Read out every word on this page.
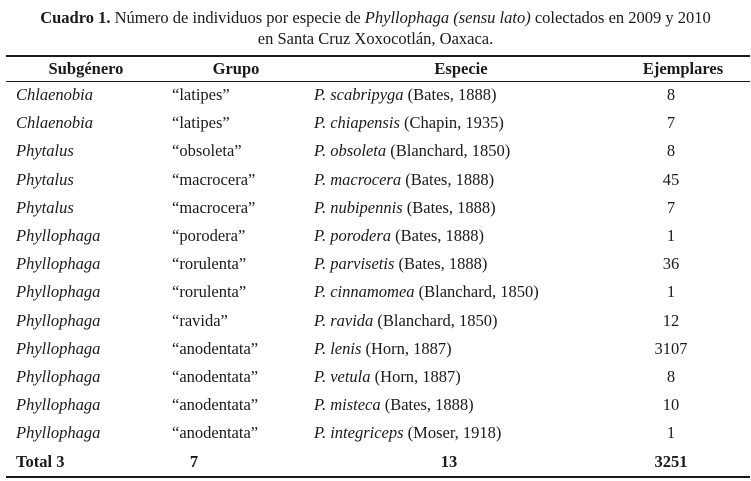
Cuadro 1. Número de individuos por especie de Phyllophaga (sensu lato) colectados en 2009 y 2010
en Santa Cruz Xoxocotlán, Oaxaca.
Subgénero	Grupo	Especie	Ejemplares
Chlaenobia	“latipes”	P. scabripyga (Bates, 1888)	8
Chlaenobia	“latipes”	P. chiapensis (Chapin, 1935)	7
Phytalus	“obsoleta”	P. obsoleta (Blanchard, 1850)	8
Phytalus	“macrocera”	P. macrocera (Bates, 1888)	45
Phytalus	“macrocera”	P. nubipennis (Bates, 1888)	7
Phyllophaga	“porodera”	P. porodera (Bates, 1888)	1
Phyllophaga	“rorulenta”	P. parvisetis (Bates, 1888)	36
Phyllophaga	“rorulenta”	P. cinnamomea (Blanchard, 1850)	1
Phyllophaga	“ravida”	P. ravida (Blanchard, 1850)	12
Phyllophaga	“anodentata”	P. lenis (Horn, 1887)	3107
Phyllophaga	“anodentata”	P. vetula (Horn, 1887)	8
Phyllophaga	“anodentata”	P. misteca (Bates, 1888)	10
Phyllophaga	“anodentata”	P. integriceps (Moser, 1918)	1
Total 3	7	13	3251
